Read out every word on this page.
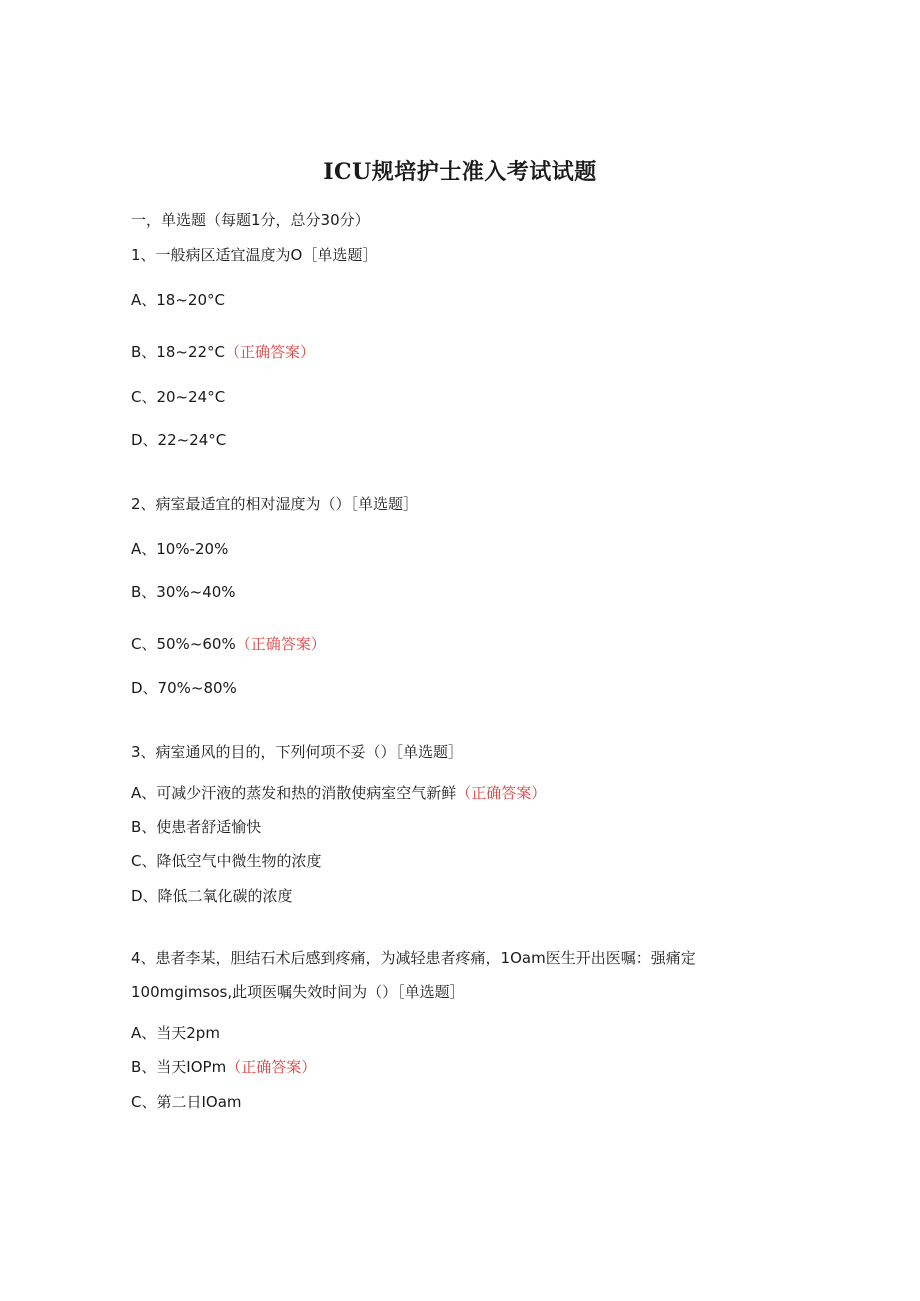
ICU规培护士准入考试试题
一，单选题（每题1分，总分30分）
1、一般病区适宜温度为O［单选题］
A、18~20°C
B、18~22°C（正确答案）
C、20~24°C
D、22~24°C
2、病室最适宜的相对湿度为（）［单选题］
A、10%-20%
B、30%~40%
C、50%~60%（正确答案）
D、70%~80%
3、病室通风的目的，下列何项不妥（）［单选题］
A、可减少汗液的蒸发和热的消散使病室空气新鲜（正确答案）
B、使患者舒适愉快
C、降低空气中微生物的浓度
D、降低二氧化碳的浓度
4、患者李某，胆结石术后感到疼痛，为减轻患者疼痛，1Oam医生开出医嘱：强痛定
100mgimsos,此项医嘱失效时间为（）［单选题］
A、当天2pm
B、当天IOPm（正确答案）
C、第二日IOam
